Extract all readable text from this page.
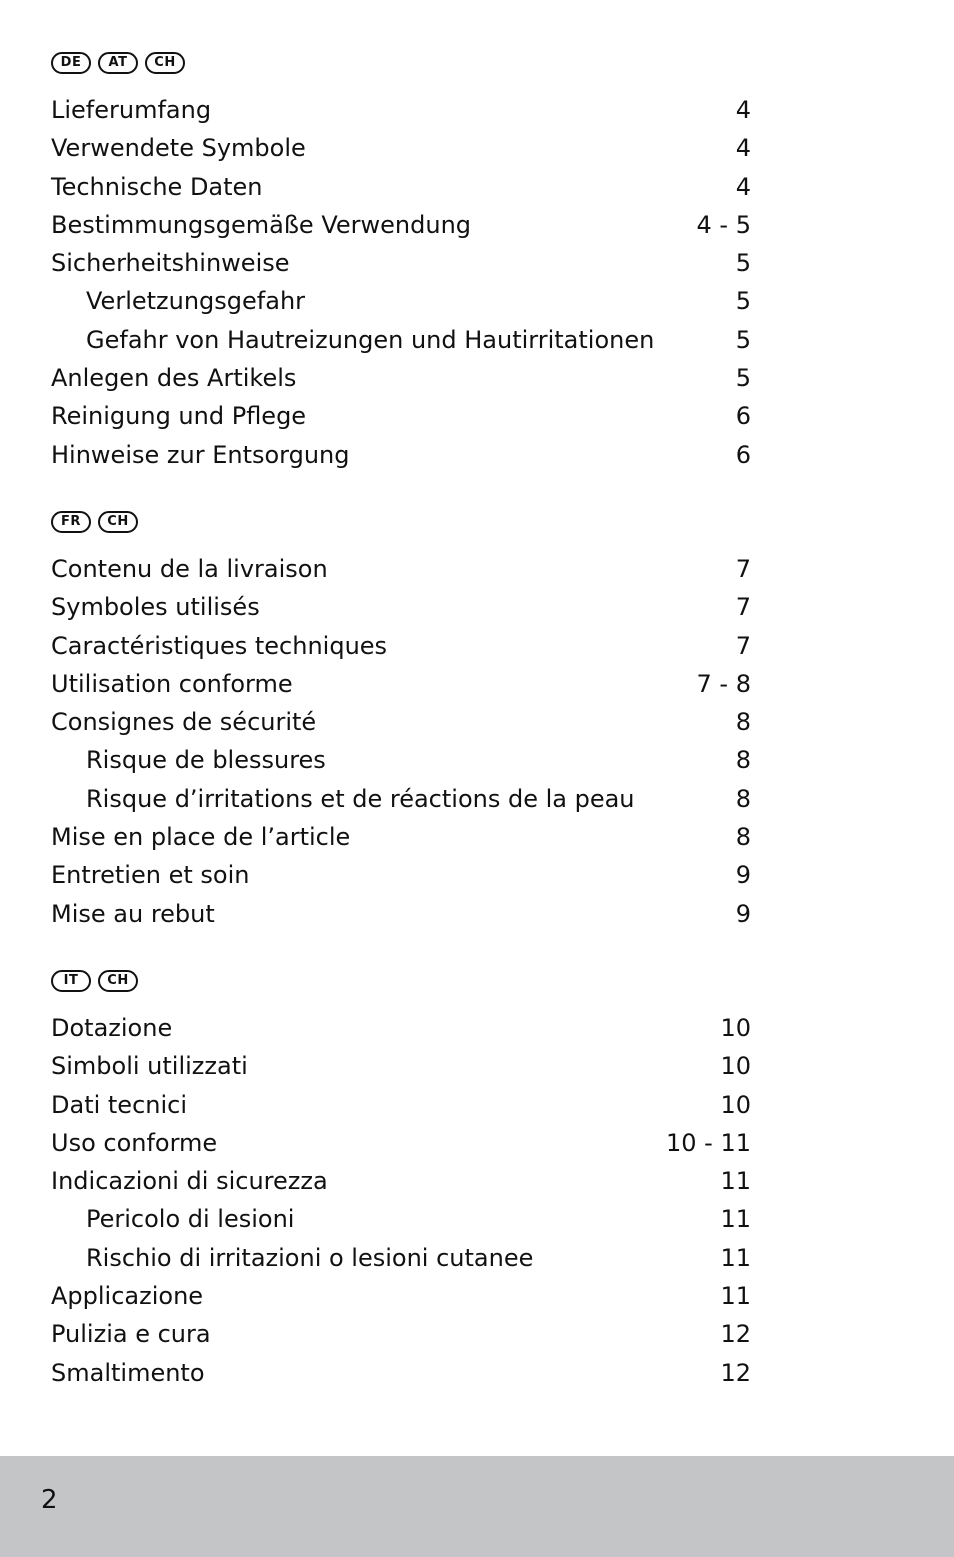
DE	AT	CH
Lieferumfang	4
Verwendete Symbole	4
Technische Daten	4
Bestimmungsgemäße Verwendung	4 - 5
Sicherheitshinweise	5
Verletzungsgefahr	5
Gefahr von Hautreizungen und Hautirritationen	5
Anlegen des Artikels	5
Reinigung und Pflege	6
Hinweise zur Entsorgung	6
FR	CH
Contenu de la livraison	7
Symboles utilisés	7
Caractéristiques techniques	7
Utilisation conforme	7 - 8
Consignes de sécurité	8
Risque de blessures	8
Risque d’irritations et de réactions de la peau	8
Mise en place de l’article	8
Entretien et soin	9
Mise au rebut	9
IT	CH
Dotazione	10
Simboli utilizzati	10
Dati tecnici	10
Uso conforme	10 - 11
Indicazioni di sicurezza	11
Pericolo di lesioni	11
Rischio di irritazioni o lesioni cutanee	11
Applicazione	11
Pulizia e cura	12
Smaltimento	12
2
